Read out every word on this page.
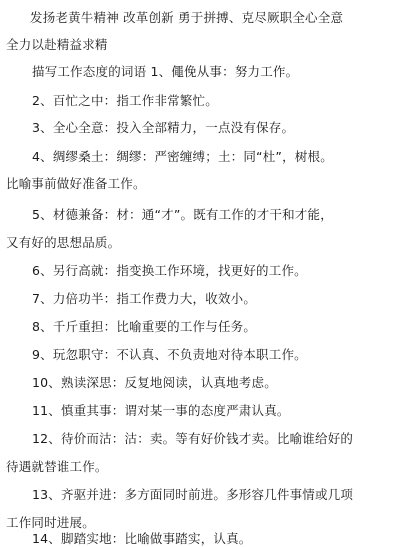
发扬老黄牛精神 改革创新 勇于拼搏、克尽厥职全心全意
全力以赴精益求精
描写工作态度的词语 1、僶俛从事：努力工作。
2、百忙之中：指工作非常繁忙。
3、全心全意：投入全部精力，一点没有保存。
4、绸缪桑土：绸缪：严密缠缚；土：同“杜”，树根。
比喻事前做好准备工作。
5、材德兼备：材：通“才”。既有工作的才干和才能，
又有好的思想品质。
6、另行高就：指变换工作环境，找更好的工作。
7、力倍功半：指工作费力大，收效小。
8、千斤重担：比喻重要的工作与任务。
9、玩忽职守：不认真、不负责地对待本职工作。
10、熟读深思：反复地阅读，认真地考虑。
11、慎重其事：谓对某一事的态度严肃认真。
12、待价而沽：沽：卖。等有好价钱才卖。比喻谁给好的
待遇就替谁工作。
13、齐驱并进：多方面同时前进。多形容几件事情或几项
工作同时进展。
14、脚踏实地：比喻做事踏实，认真。
